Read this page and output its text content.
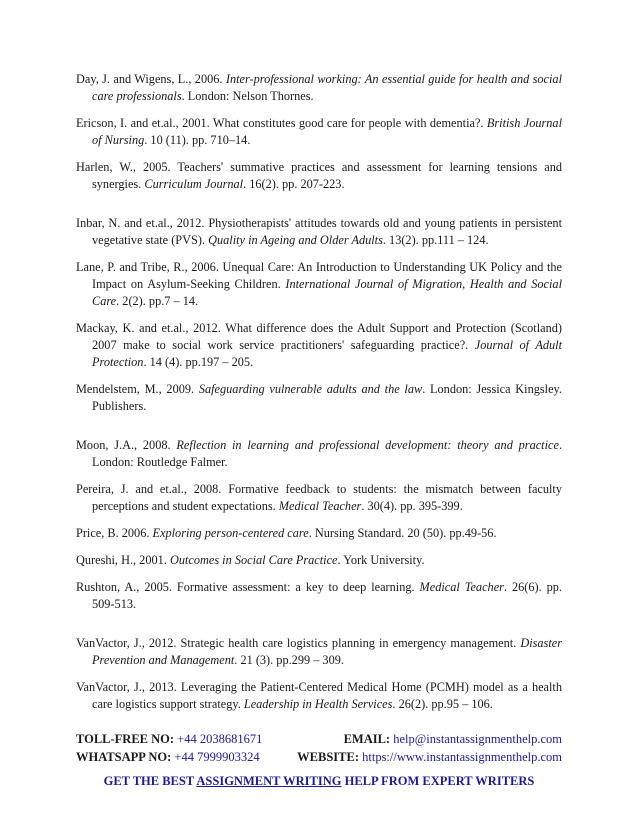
Day, J. and Wigens, L., 2006. Inter-professional working: An essential guide for health and social care professionals. London: Nelson Thornes.

Ericson, I. and et.al., 2001. What constitutes good care for people with dementia?. British Journal of Nursing. 10 (11). pp. 710–14.

Harlen, W., 2005. Teachers' summative practices and assessment for learning tensions and synergies. Curriculum Journal. 16(2). pp. 207-223.

Inbar, N. and et.al., 2012. Physiotherapists' attitudes towards old and young patients in persistent vegetative state (PVS). Quality in Ageing and Older Adults. 13(2). pp.111 – 124.

Lane, P. and Tribe, R., 2006. Unequal Care: An Introduction to Understanding UK Policy and the Impact on Asylum-Seeking Children. International Journal of Migration, Health and Social Care. 2(2). pp.7 – 14.

Mackay, K. and et.al., 2012. What difference does the Adult Support and Protection (Scotland) 2007 make to social work service practitioners' safeguarding practice?. Journal of Adult Protection. 14 (4). pp.197 – 205.

Mendelstem, M., 2009. Safeguarding vulnerable adults and the law. London: Jessica Kingsley. Publishers.

Moon, J.A., 2008. Reflection in learning and professional development: theory and practice. London: Routledge Falmer.

Pereira, J. and et.al., 2008. Formative feedback to students: the mismatch between faculty perceptions and student expectations. Medical Teacher. 30(4). pp. 395-399.

Price, B. 2006. Exploring person-centered care. Nursing Standard. 20 (50). pp.49-56.

Qureshi, H., 2001. Outcomes in Social Care Practice. York University.

Rushton, A., 2005. Formative assessment: a key to deep learning. Medical Teacher. 26(6). pp. 509-513.

VanVactor, J., 2012. Strategic health care logistics planning in emergency management. Disaster Prevention and Management. 21 (3). pp.299 – 309.

VanVactor, J., 2013. Leveraging the Patient-Centered Medical Home (PCMH) model as a health care logistics support strategy. Leadership in Health Services. 26(2). pp.95 – 106.

TOLL-FREE NO: +44 2038681671	EMAIL: help@instantassignmenthelp.com
WHATSAPP NO: +44 7999903324	WEBSITE: https://www.instantassignmenthelp.com
GET THE BEST ASSIGNMENT WRITING HELP FROM EXPERT WRITERS
